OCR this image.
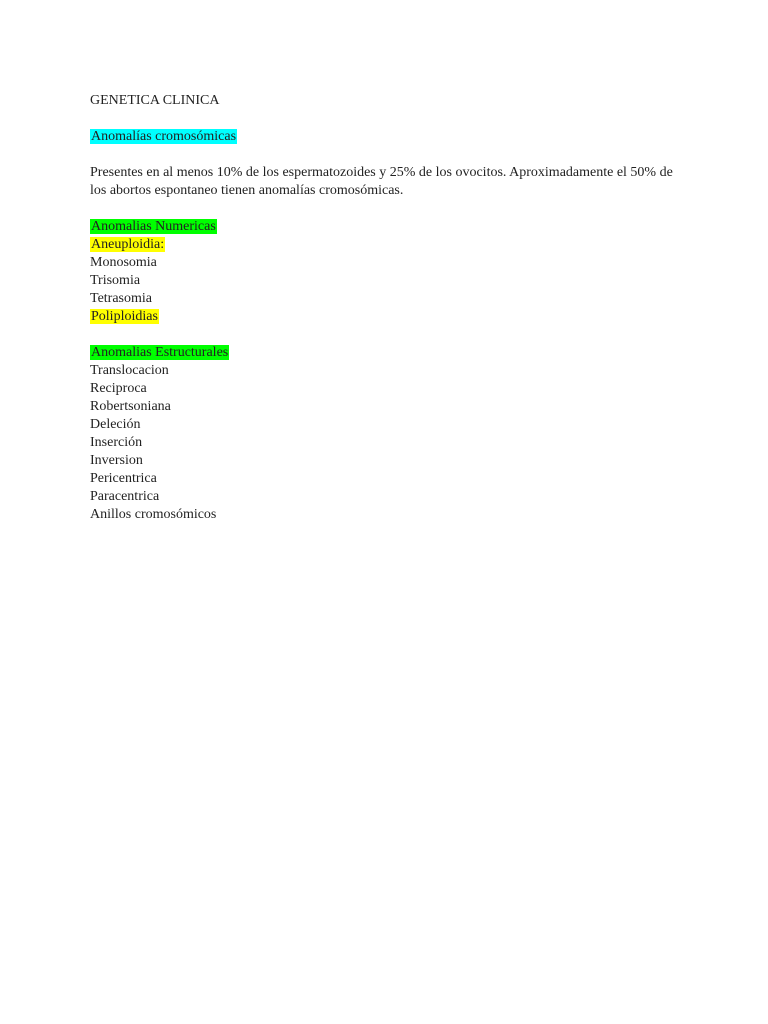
GENETICA CLINICA
Anomalías cromosómicas
Presentes en al menos 10% de los espermatozoides y 25% de los ovocitos. Aproximadamente el 50% de los abortos espontaneo tienen anomalías cromosómicas.
Anomalias Numericas
Aneuploidia:
Monosomia
Trisomia
Tetrasomia
Poliploidias
Anomalias Estructurales
Translocacion
Reciproca
Robertsoniana
Deleción
Inserción
Inversion
Pericentrica
Paracentrica
Anillos cromosómicos
